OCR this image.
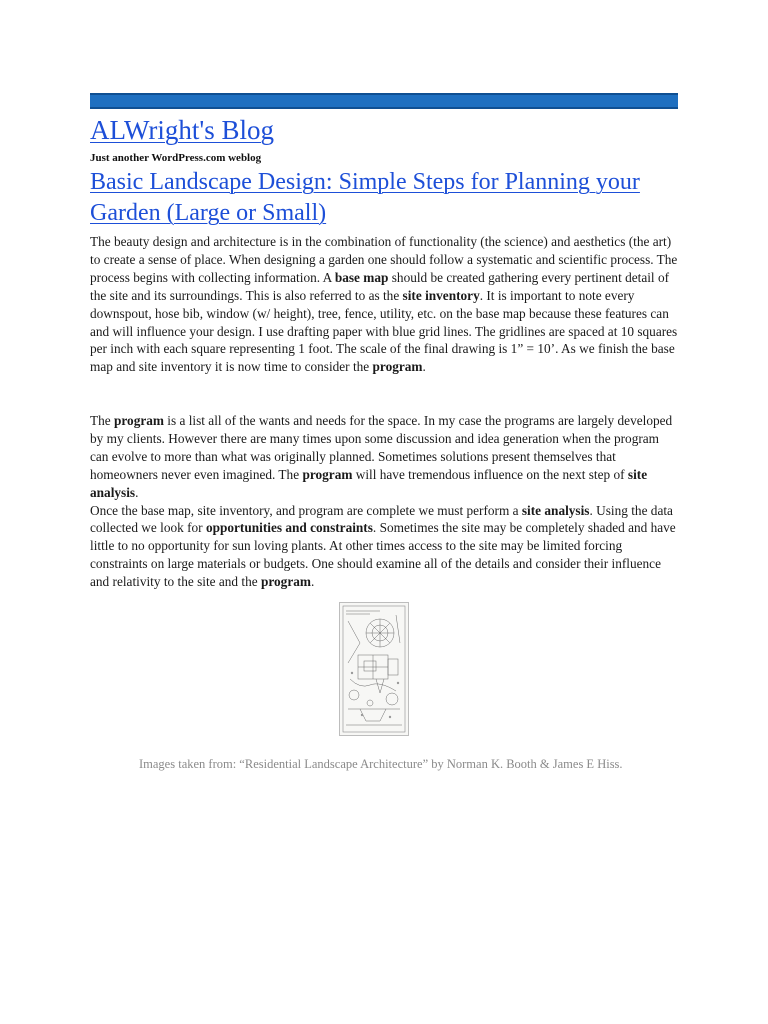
ALWright's Blog
Just another WordPress.com weblog
Basic Landscape Design: Simple Steps for Planning your Garden (Large or Small)

The beauty design and architecture is in the combination of functionality (the science) and aesthetics (the art) to create a sense of place. When designing a garden one should follow a systematic and scientific process. The process begins with collecting information. A base map should be created gathering every pertinent detail of the site and its surroundings. This is also referred to as the site inventory. It is important to note every downspout, hose bib, window (w/ height), tree, fence, utility, etc. on the base map because these features can and will influence your design. I use drafting paper with blue grid lines. The gridlines are spaced at 10 squares per inch with each square representing 1 foot. The scale of the final drawing is 1” = 10’. As we finish the base map and site inventory it is now time to consider the program.

The program is a list all of the wants and needs for the space. In my case the programs are largely developed by my clients. However there are many times upon some discussion and idea generation when the program can evolve to more than what was originally planned. Sometimes solutions present themselves that homeowners never even imagined. The program will have tremendous influence on the next step of site analysis.

Once the base map, site inventory, and program are complete we must perform a site analysis. Using the data collected we look for opportunities and constraints. Sometimes the site may be completely shaded and have little to no opportunity for sun loving plants. At other times access to the site may be limited forcing constraints on large materials or budgets. One should examine all of the details and consider their influence and relativity to the site and the program.

Images taken from: “Residential Landscape Architecture” by Norman K. Booth & James E Hiss.
